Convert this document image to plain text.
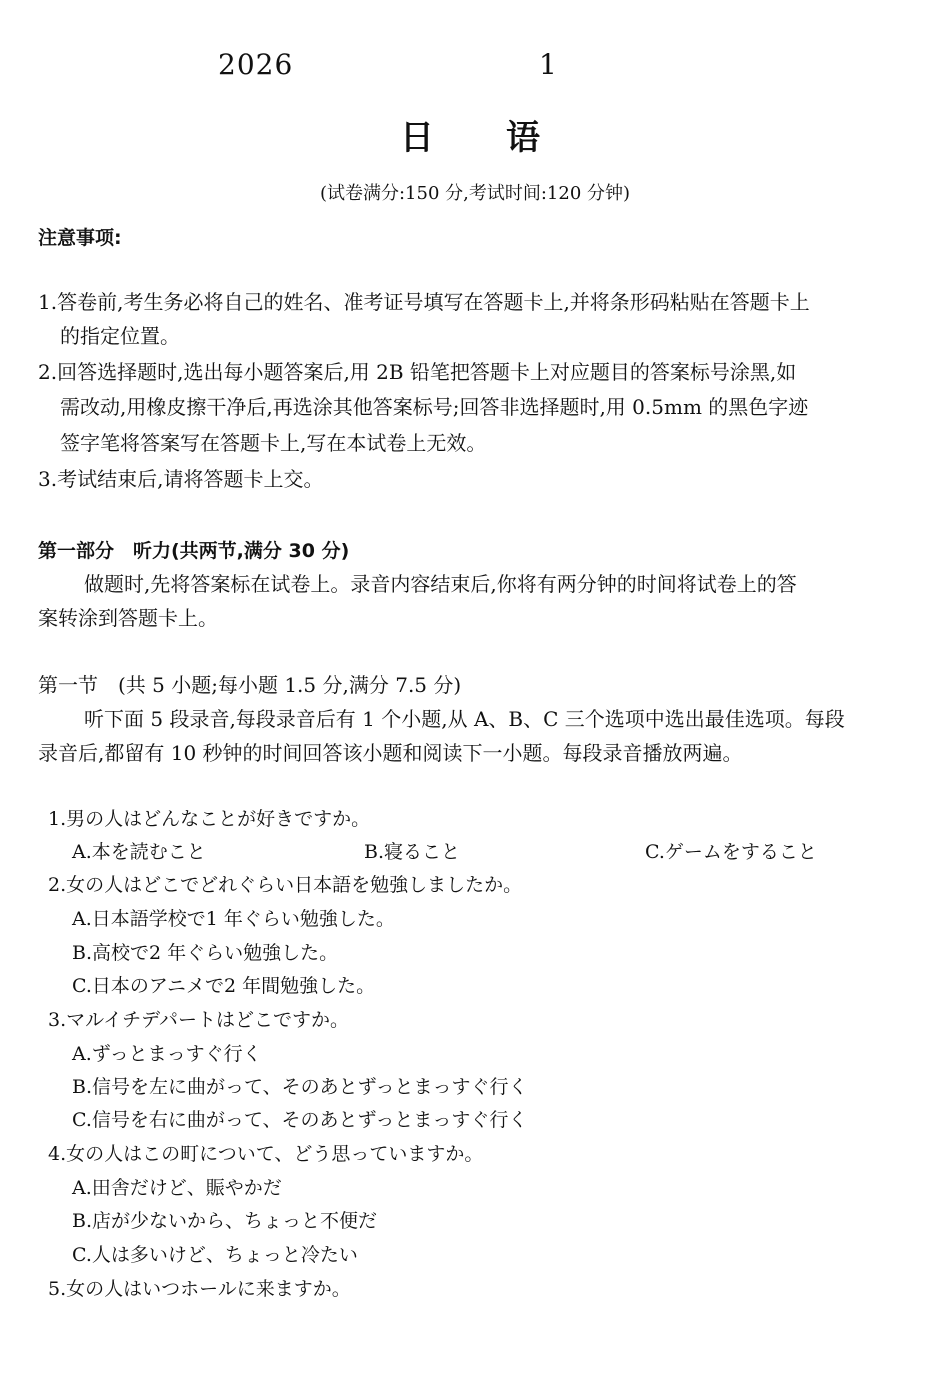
2026	1
日语
(试卷满分:150 分,考试时间:120 分钟)
注意事项:
1.答卷前,考生务必将自己的姓名、准考证号填写在答题卡上,并将条形码粘贴在答题卡上
的指定位置。
2.回答选择题时,选出每小题答案后,用 2B 铅笔把答题卡上对应题目的答案标号涂黑,如
需改动,用橡皮擦干净后,再选涂其他答案标号;回答非选择题时,用 0.5mm 的黑色字迹
签字笔将答案写在答题卡上,写在本试卷上无效。
3.考试结束后,请将答题卡上交。
第一部分　听力(共两节,满分 30 分)
做题时,先将答案标在试卷上。录音内容结束后,你将有两分钟的时间将试卷上的答
案转涂到答题卡上。
第一节　(共 5 小题;每小题 1.5 分,满分 7.5 分)
听下面 5 段录音,每段录音后有 1 个小题,从 A、B、C 三个选项中选出最佳选项。每段
录音后,都留有 10 秒钟的时间回答该小题和阅读下一小题。每段录音播放两遍。
1.男の人はどんなことが好きですか。
A.本を読むこと	B.寝ること	C.ゲームをすること
2.女の人はどこでどれぐらい日本語を勉強しましたか。
A.日本語学校で1 年ぐらい勉強した。
B.高校で2 年ぐらい勉強した。
C.日本のアニメで2 年間勉強した。
3.マルイチデパートはどこですか。
A.ずっとまっすぐ行く
B.信号を左に曲がって、そのあとずっとまっすぐ行く
C.信号を右に曲がって、そのあとずっとまっすぐ行く
4.女の人はこの町について、どう思っていますか。
A.田舎だけど、賑やかだ
B.店が少ないから、ちょっと不便だ
C.人は多いけど、ちょっと冷たい
5.女の人はいつホールに来ますか。
